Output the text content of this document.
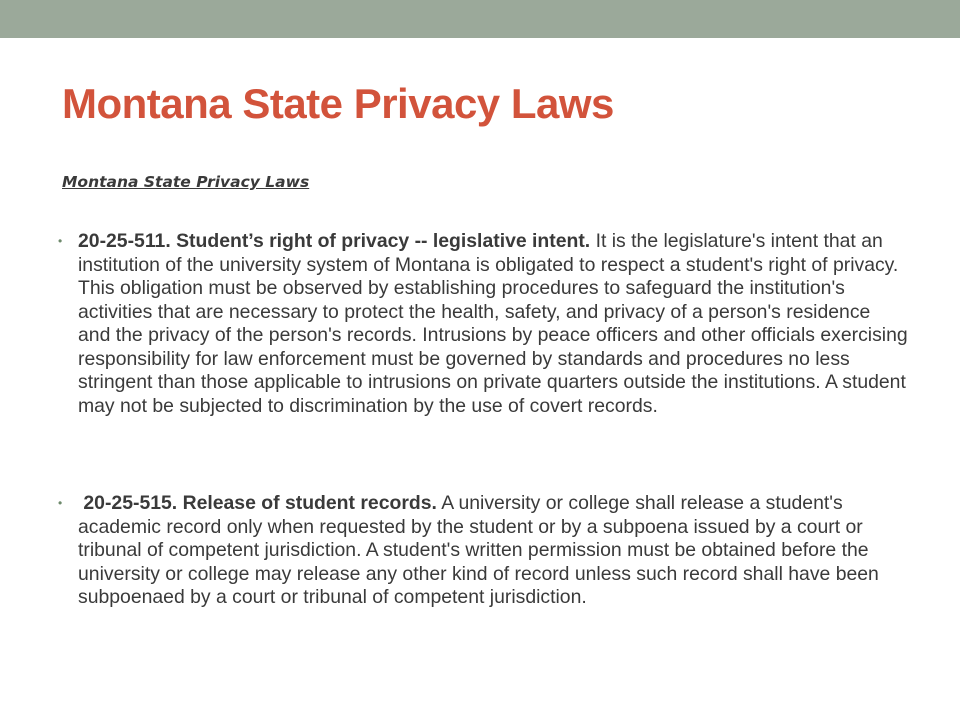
Montana State Privacy Laws

Montana State Privacy Laws

• 20-25-511. Student’s right of privacy -- legislative intent. It is the legislature's intent that an institution of the university system of Montana is obligated to respect a student's right of privacy. This obligation must be observed by establishing procedures to safeguard the institution's activities that are necessary to protect the health, safety, and privacy of a person's residence and the privacy of the person's records. Intrusions by peace officers and other officials exercising responsibility for law enforcement must be governed by standards and procedures no less stringent than those applicable to intrusions on private quarters outside the institutions. A student may not be subjected to discrimination by the use of covert records.
• 20-25-515. Release of student records. A university or college shall release a student's academic record only when requested by the student or by a subpoena issued by a court or tribunal of competent jurisdiction. A student's written permission must be obtained before the university or college may release any other kind of record unless such record shall have been subpoenaed by a court or tribunal of competent jurisdiction.
